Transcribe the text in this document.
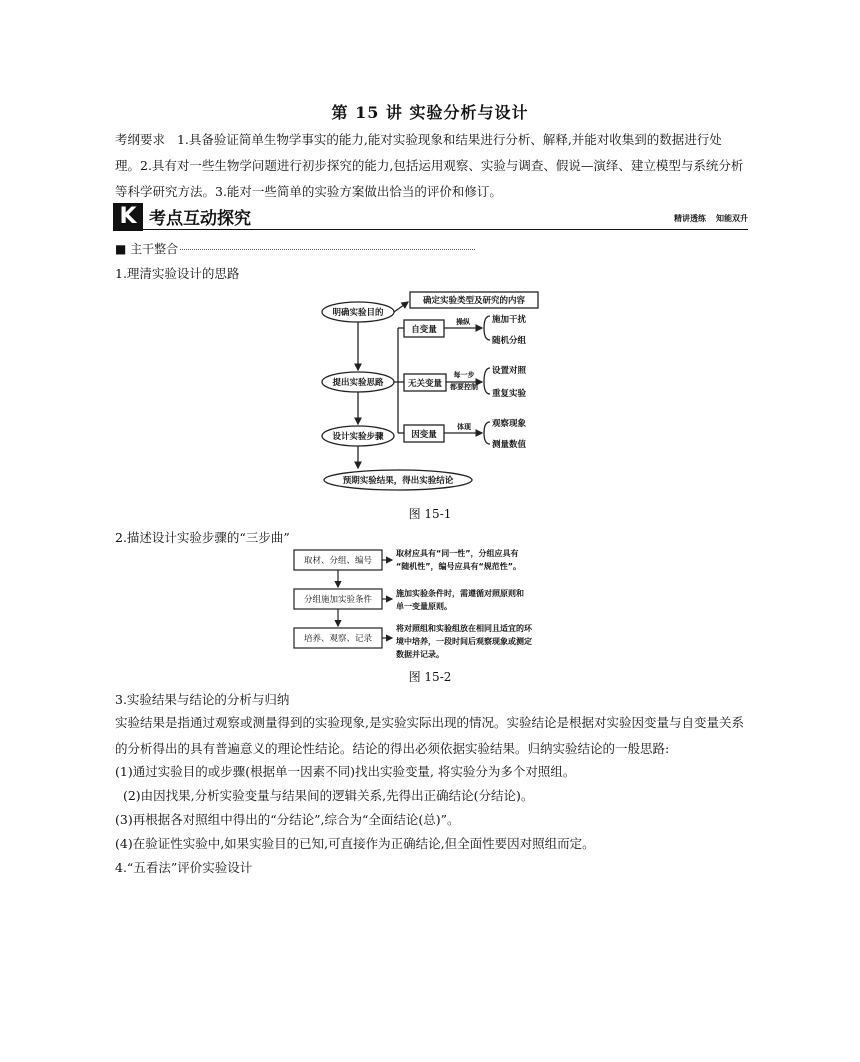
第 15 讲 实验分析与设计
考纲要求 1.具备验证简单生物学事实的能力,能对实验现象和结果进行分析、解释,并能对收集到的数据进行处理。2.具有对一些生物学问题进行初步探究的能力,包括运用观察、实验与调查、假说—演绎、建立模型与系统分析等科学研究方法。3.能对一些简单的实验方案做出恰当的评价和修订。
K 考点互动探究	精讲透练 知能双升
■ 主干整合
1.理清实验设计的思路
明确实验目的
提出实验思路
设计实验步骤
预期实验结果，得出实验结论
确定实验类型及研究的内容
自变量
无关变量
因变量
施加干扰
随机分组
设置对照
重复实验
观察现象
测量数值
操纵
每一步
都要控制
体现
图 15-1
2.描述设计实验步骤的“三步曲”
取材、分组、编号
分组施加实验条件
培养、观察、记录
取材应具有“同一性”，分组应具有
“随机性”，编号应具有“规范性”。
施加实验条件时，需遵循对照原则和
单一变量原则。
将对照组和实验组放在相同且适宜的环
境中培养，一段时间后观察现象或测定
数据并记录。
图 15-2
3.实验结果与结论的分析与归纳
实验结果是指通过观察或测量得到的实验现象,是实验实际出现的情况。实验结论是根据对实验因变量与自变量关系的分析得出的具有普遍意义的理论性结论。结论的得出必须依据实验结果。归纳实验结论的一般思路:
(1)通过实验目的或步骤(根据单一因素不同)找出实验变量, 将实验分为多个对照组。
(2)由因找果,分析实验变量与结果间的逻辑关系,先得出正确结论(分结论)。
(3)再根据各对照组中得出的“分结论”,综合为“全面结论(总)”。
(4)在验证性实验中,如果实验目的已知,可直接作为正确结论,但全面性要因对照组而定。
4.“五看法”评价实验设计
